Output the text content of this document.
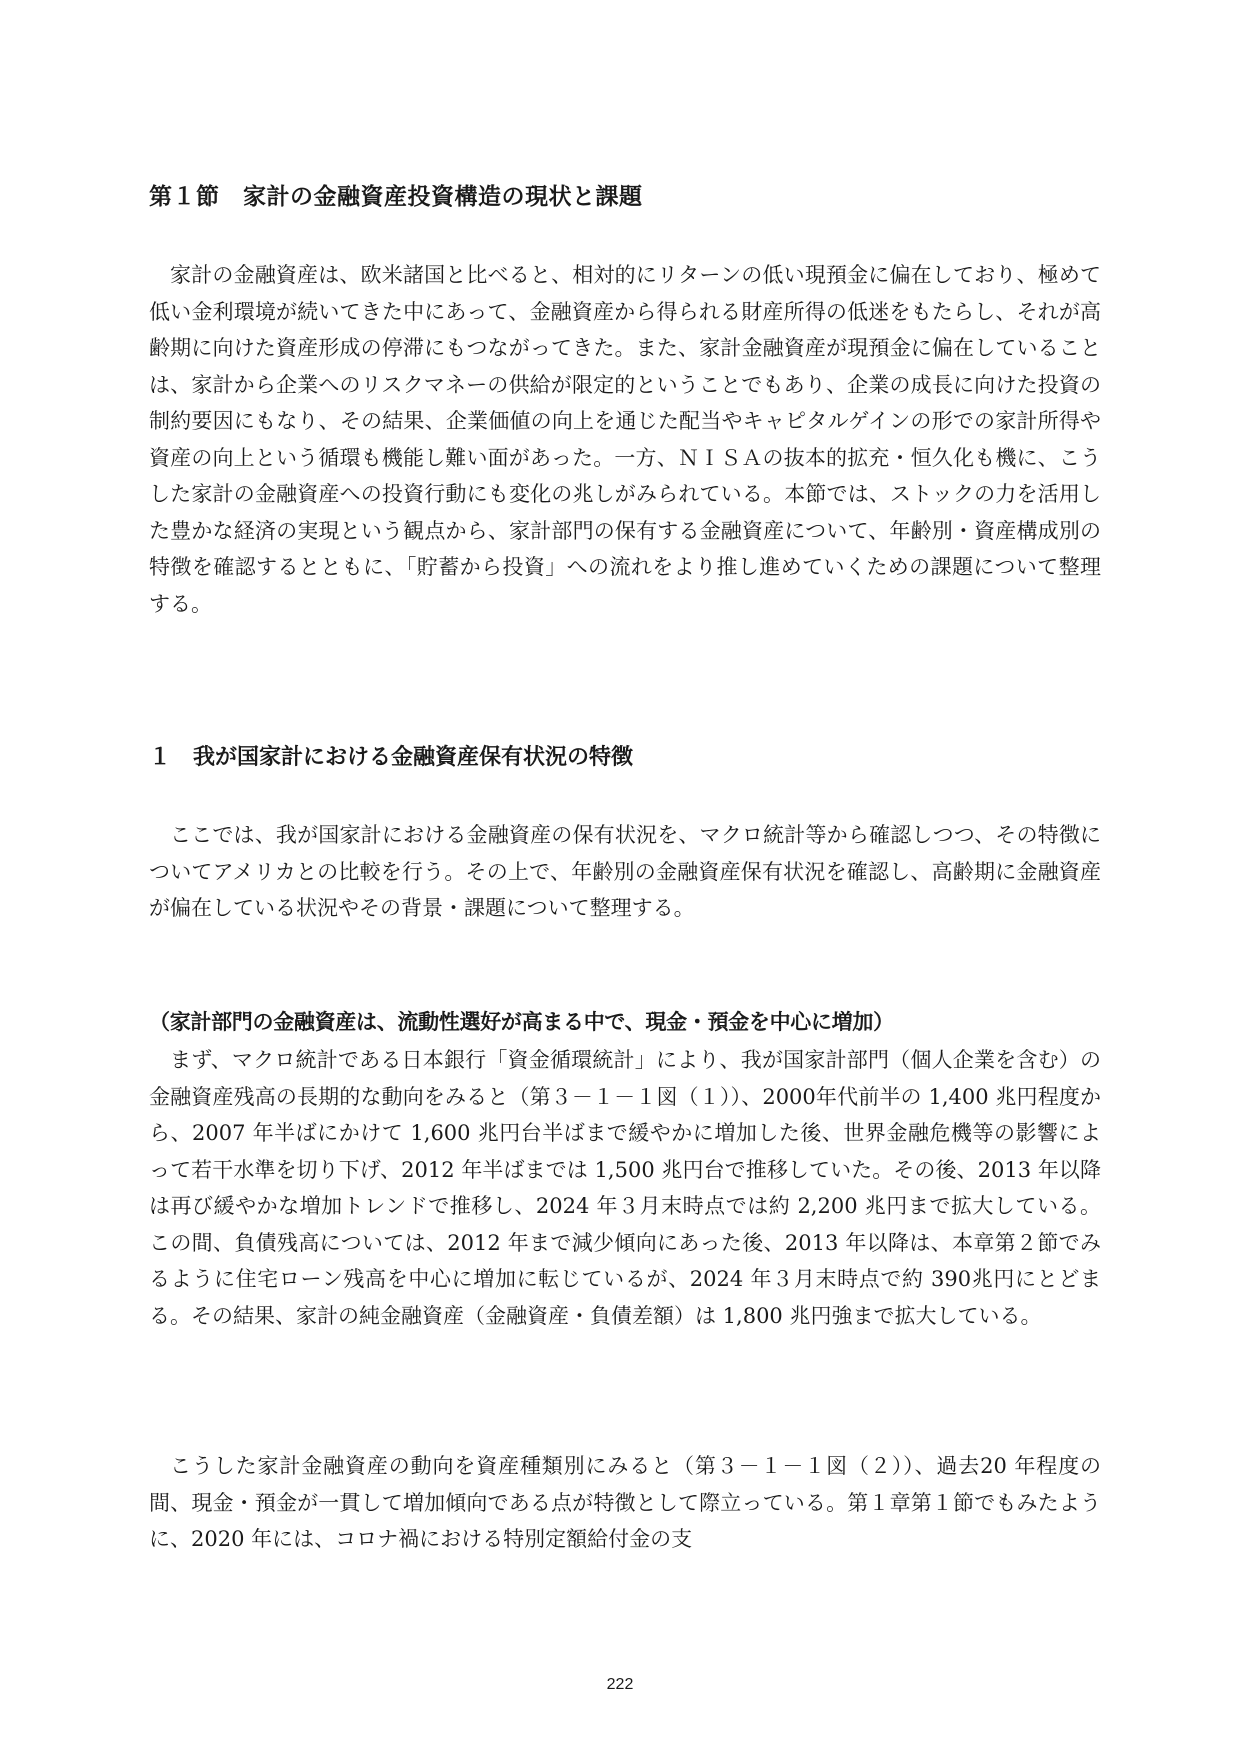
第１節　家計の金融資産投資構造の現状と課題

家計の金融資産は、欧米諸国と比べると、相対的にリターンの低い現預金に偏在しており、極めて低い金利環境が続いてきた中にあって、金融資産から得られる財産所得の低迷をもたらし、それが高齢期に向けた資産形成の停滞にもつながってきた。また、家計金融資産が現預金に偏在していることは、家計から企業へのリスクマネーの供給が限定的ということでもあり、企業の成長に向けた投資の制約要因にもなり、その結果、企業価値の向上を通じた配当やキャピタルゲインの形での家計所得や資産の向上という循環も機能し難い面があった。一方、ＮＩＳＡの抜本的拡充・恒久化も機に、こうした家計の金融資産への投資行動にも変化の兆しがみられている。本節では、ストックの力を活用した豊かな経済の実現という観点から、家計部門の保有する金融資産について、年齢別・資産構成別の特徴を確認するとともに、「貯蓄から投資」への流れをより推し進めていくための課題について整理する。

１　我が国家計における金融資産保有状況の特徴

ここでは、我が国家計における金融資産の保有状況を、マクロ統計等から確認しつつ、その特徴についてアメリカとの比較を行う。その上で、年齢別の金融資産保有状況を確認し、高齢期に金融資産が偏在している状況やその背景・課題について整理する。

（家計部門の金融資産は、流動性選好が高まる中で、現金・預金を中心に増加）

まず、マクロ統計である日本銀行「資金循環統計」により、我が国家計部門（個人企業を含む）の金融資産残高の長期的な動向をみると（第３－１－１図（１））、2000年代前半の 1,400 兆円程度から、2007 年半ばにかけて 1,600 兆円台半ばまで緩やかに増加した後、世界金融危機等の影響によって若干水準を切り下げ、2012 年半ばまでは 1,500 兆円台で推移していた。その後、2013 年以降は再び緩やかな増加トレンドで推移し、2024 年３月末時点では約 2,200 兆円まで拡大している。この間、負債残高については、2012 年まで減少傾向にあった後、2013 年以降は、本章第２節でみるように住宅ローン残高を中心に増加に転じているが、2024 年３月末時点で約 390兆円にとどまる。その結果、家計の純金融資産（金融資産・負債差額）は 1,800 兆円強まで拡大している。

こうした家計金融資産の動向を資産種類別にみると（第３－１－１図（２））、過去20 年程度の間、現金・預金が一貫して増加傾向である点が特徴として際立っている。第１章第１節でもみたように、2020 年には、コロナ禍における特別定額給付金の支

222
